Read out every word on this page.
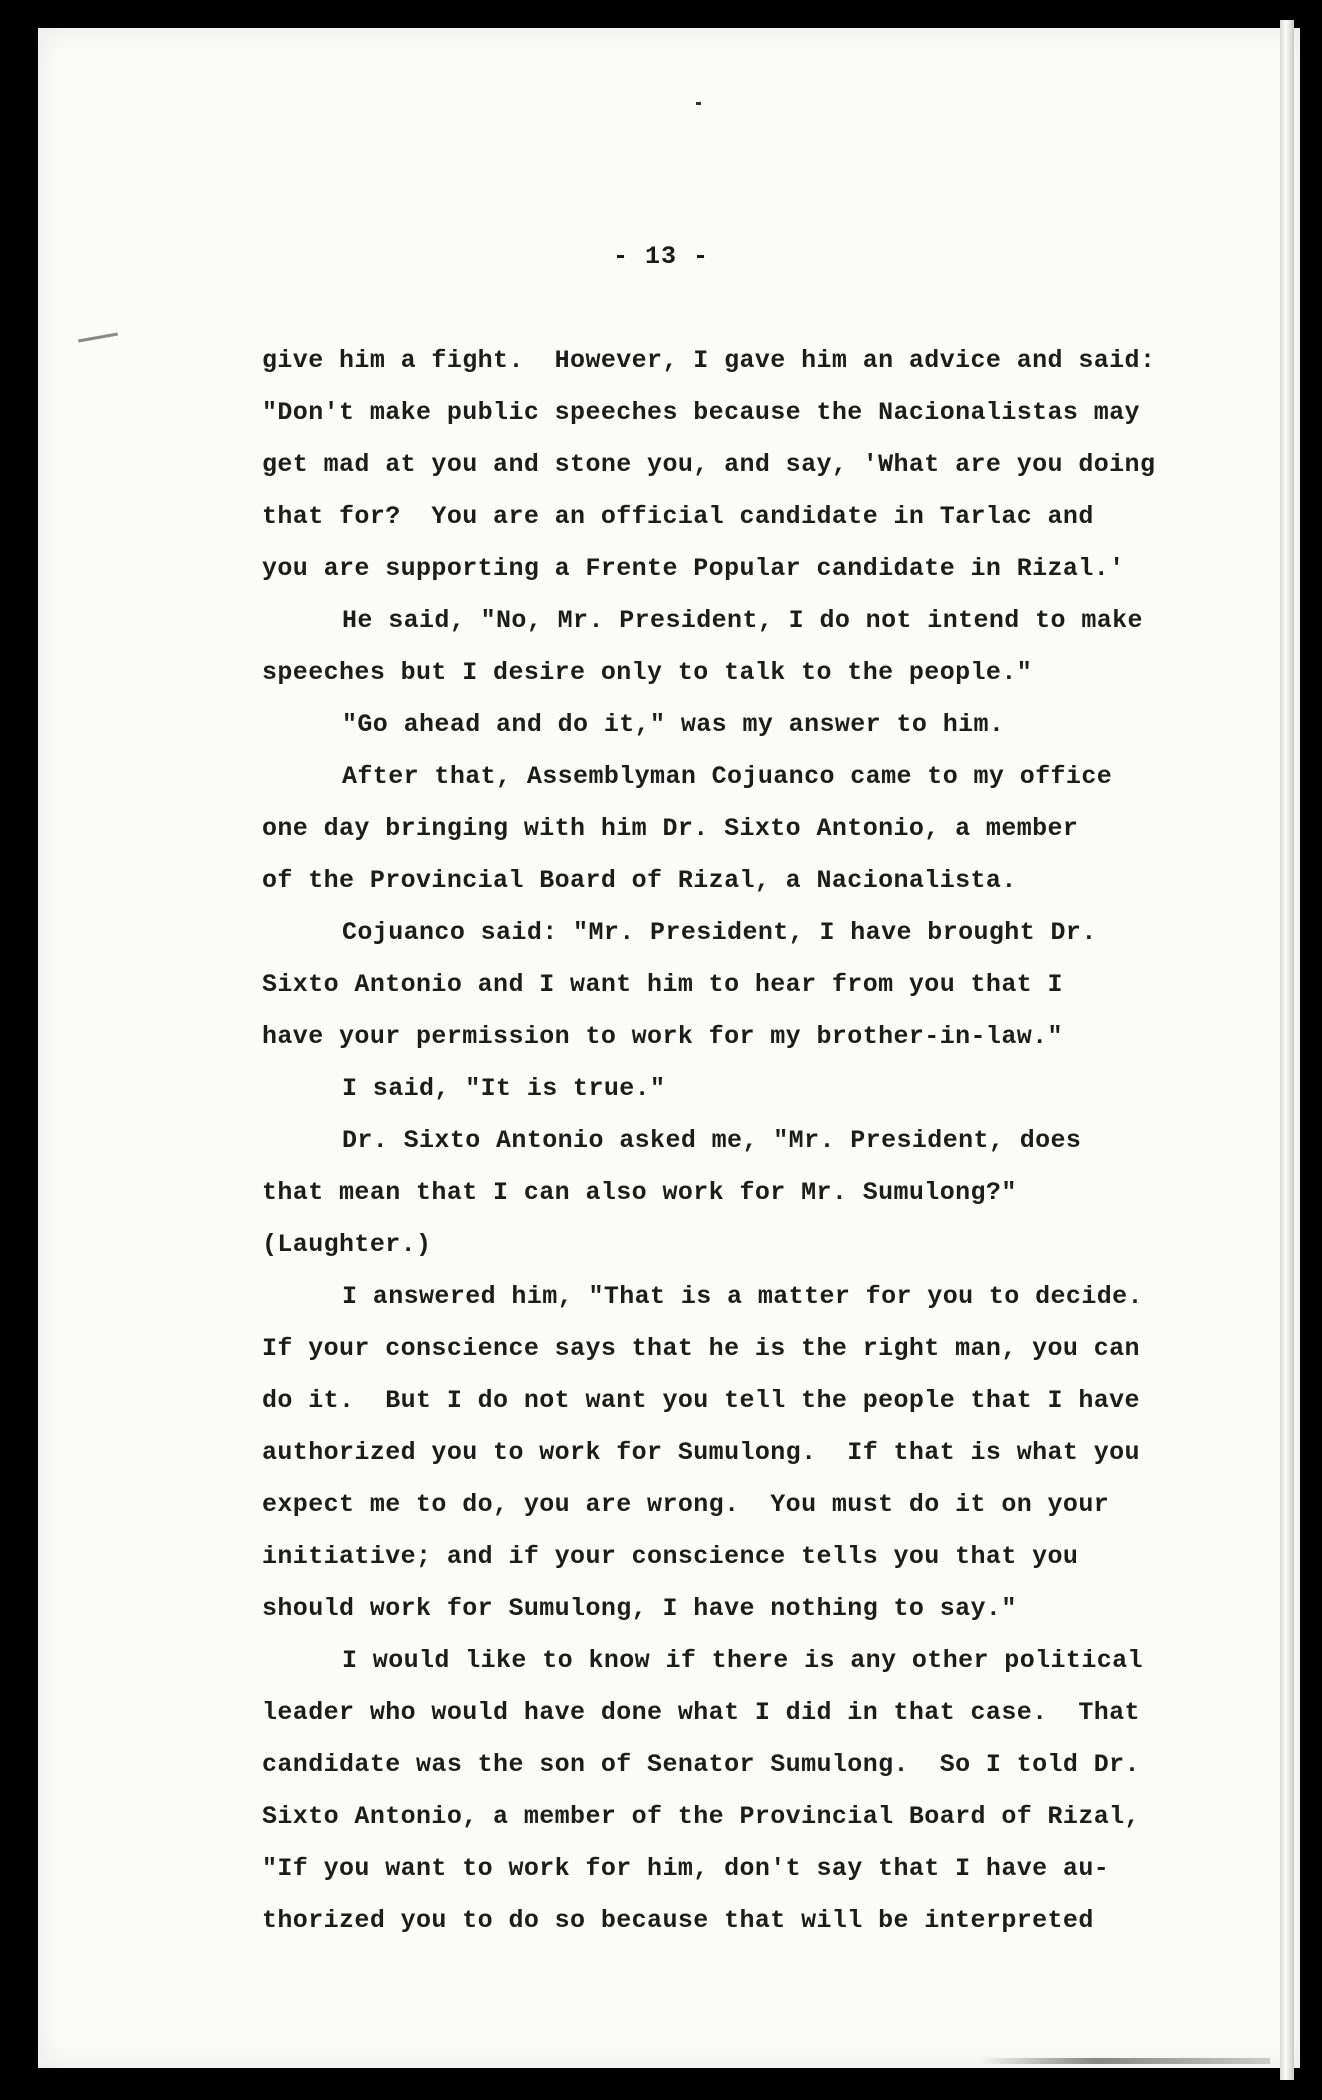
- 13 -
give him a fight.  However, I gave him an advice and said:
"Don't make public speeches because the Nacionalistas may
get mad at you and stone you, and say, 'What are you doing
that for?  You are an official candidate in Tarlac and
you are supporting a Frente Popular candidate in Rizal.'
He said, "No, Mr. President, I do not intend to make
speeches but I desire only to talk to the people."
"Go ahead and do it," was my answer to him.
After that, Assemblyman Cojuanco came to my office
one day bringing with him Dr. Sixto Antonio, a member
of the Provincial Board of Rizal, a Nacionalista.
Cojuanco said: "Mr. President, I have brought Dr.
Sixto Antonio and I want him to hear from you that I
have your permission to work for my brother-in-law."
I said, "It is true."
Dr. Sixto Antonio asked me, "Mr. President, does
that mean that I can also work for Mr. Sumulong?"
(Laughter.)
I answered him, "That is a matter for you to decide.
If your conscience says that he is the right man, you can
do it.  But I do not want you tell the people that I have
authorized you to work for Sumulong.  If that is what you
expect me to do, you are wrong.  You must do it on your
initiative; and if your conscience tells you that you
should work for Sumulong, I have nothing to say."
I would like to know if there is any other political
leader who would have done what I did in that case.  That
candidate was the son of Senator Sumulong.  So I told Dr.
Sixto Antonio, a member of the Provincial Board of Rizal,
"If you want to work for him, don't say that I have au-
thorized you to do so because that will be interpreted
